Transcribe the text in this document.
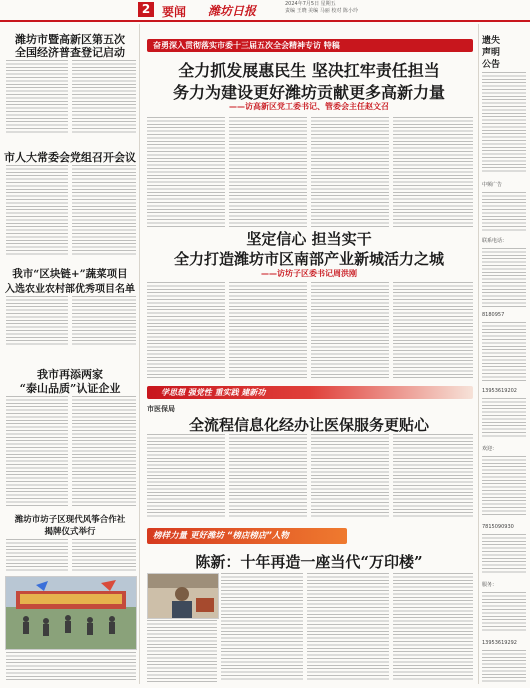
2 要闻 潍坊日报	2024年7月5日 星期五
责编 王晓 美编 马丽 校对 陈小玲
潍坊市暨高新区第五次
全国经济普查登记启动
市人大常委会党组召开会议
我市“区块链+”蔬菜项目
入选农业农村部优秀项目名单
我市再添两家
“泰山品质”认证企业
潍坊市坊子区现代风筝合作社
揭牌仪式举行
奋勇深入贯彻落实市委十三届五次全会精神专访 特稿
全力抓发展惠民生 坚决扛牢责任担当
务力为建设更好潍坊贡献更多高新力量
——访高新区党工委书记、管委会主任赵文召
坚定信心 担当实干
全力打造潍坊市区南部产业新城活力之城
——访坊子区委书记周洪刚
学思想 强党性 重实践 建新功
市医保局
全流程信息化经办让医保服务更贴心
榜样力量 更好潍坊 “榜店榜店”人物
陈新：十年再造一座当代“万印楼”
遗失
声明
公告
中频广告
联系电话：
8180957
13953619202
欢迎：
7815090930
服务：
13953619292
